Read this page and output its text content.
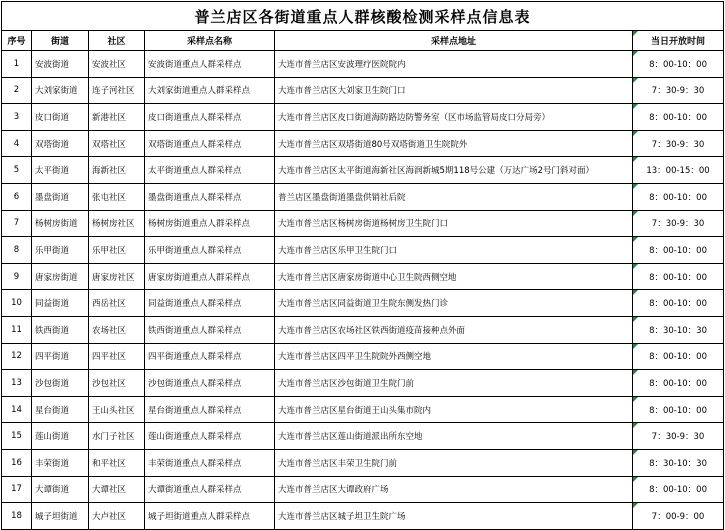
普兰店区各街道重点人群核酸检测采样点信息表					
序号	街道	社区	采样点名称	采样点地址	当日开放时间
1	安波街道	安波社区	安波街道重点人群采样点	大连市普兰店区安波理疗医院院内	8：00-10：00
2	大刘家街道	连子河社区	大刘家街道重点人群采样点	大连市普兰店区大刘家卫生院门口	7：30-9：30
3	皮口街道	新港社区	皮口街道重点人群采样点	大连市普兰店区皮口街道海防路边防警务室（区市场监管局皮口分局旁）	8：00-10：00
4	双塔街道	双塔社区	双塔街道重点人群采样点	大连市普兰店区双塔街道80号双塔街道卫生院院外	7：30-9：30
5	太平街道	海新社区	太平街道重点人群采样点	大连市普兰店区太平街道海新社区海润新城5期118号公建（万达广场2号门斜对面）	13：00-15：00
6	墨盘街道	张屯社区	墨盘街道重点人群采样点	普兰店区墨盘街道墨盘供销社后院	8：00-10：00
7	杨树房街道	杨树房社区	杨树房街道重点人群采样点	大连市普兰店区杨树房街道杨树房卫生院门口	7：30-9：30
8	乐甲街道	乐甲社区	乐甲街道重点人群采样点	大连市普兰店区乐甲卫生院门口	8：00-10：00
9	唐家房街道	唐家房社区	唐家房街道重点人群采样点	大连市普兰店区唐家房街道中心卫生院西侧空地	8：00-10：00
10	同益街道	西岳社区	同益街道重点人群采样点	大连市普兰店区同益街道卫生院东侧发热门诊	8：00-10：00
11	铁西街道	农场社区	铁西街道重点人群采样点	大连市普兰店区农场社区铁西街道疫苗接种点外面	8：30-10：30
12	四平街道	四平社区	四平街道重点人群采样点	大连市普兰店区四平卫生院院外西侧空地	8：00-10：00
13	沙包街道	沙包社区	沙包街道重点人群采样点	大连市普兰店区沙包街道卫生院门前	8：00-10：00
14	星台街道	王山头社区	星台街道重点人群采样点	大连市普兰店区星台街道王山头集市院内	8：00-10：00
15	莲山街道	水门子社区	莲山街道重点人群采样点	大连市普兰店区莲山街道派出所东空地	7：30-9：30
16	丰荣街道	和平社区	丰荣街道重点人群采样点	大连市普兰店区丰荣卫生院门前	8：30-10：30
17	大谭街道	大谭社区	大谭街道重点人群采样点	大连市普兰店区大谭政府广场	8：00-10：00
18	城子坦街道	大卢社区	城子坦街道重点人群采样点	大连市普兰店区城子坦卫生院广场	7：00-9：00
